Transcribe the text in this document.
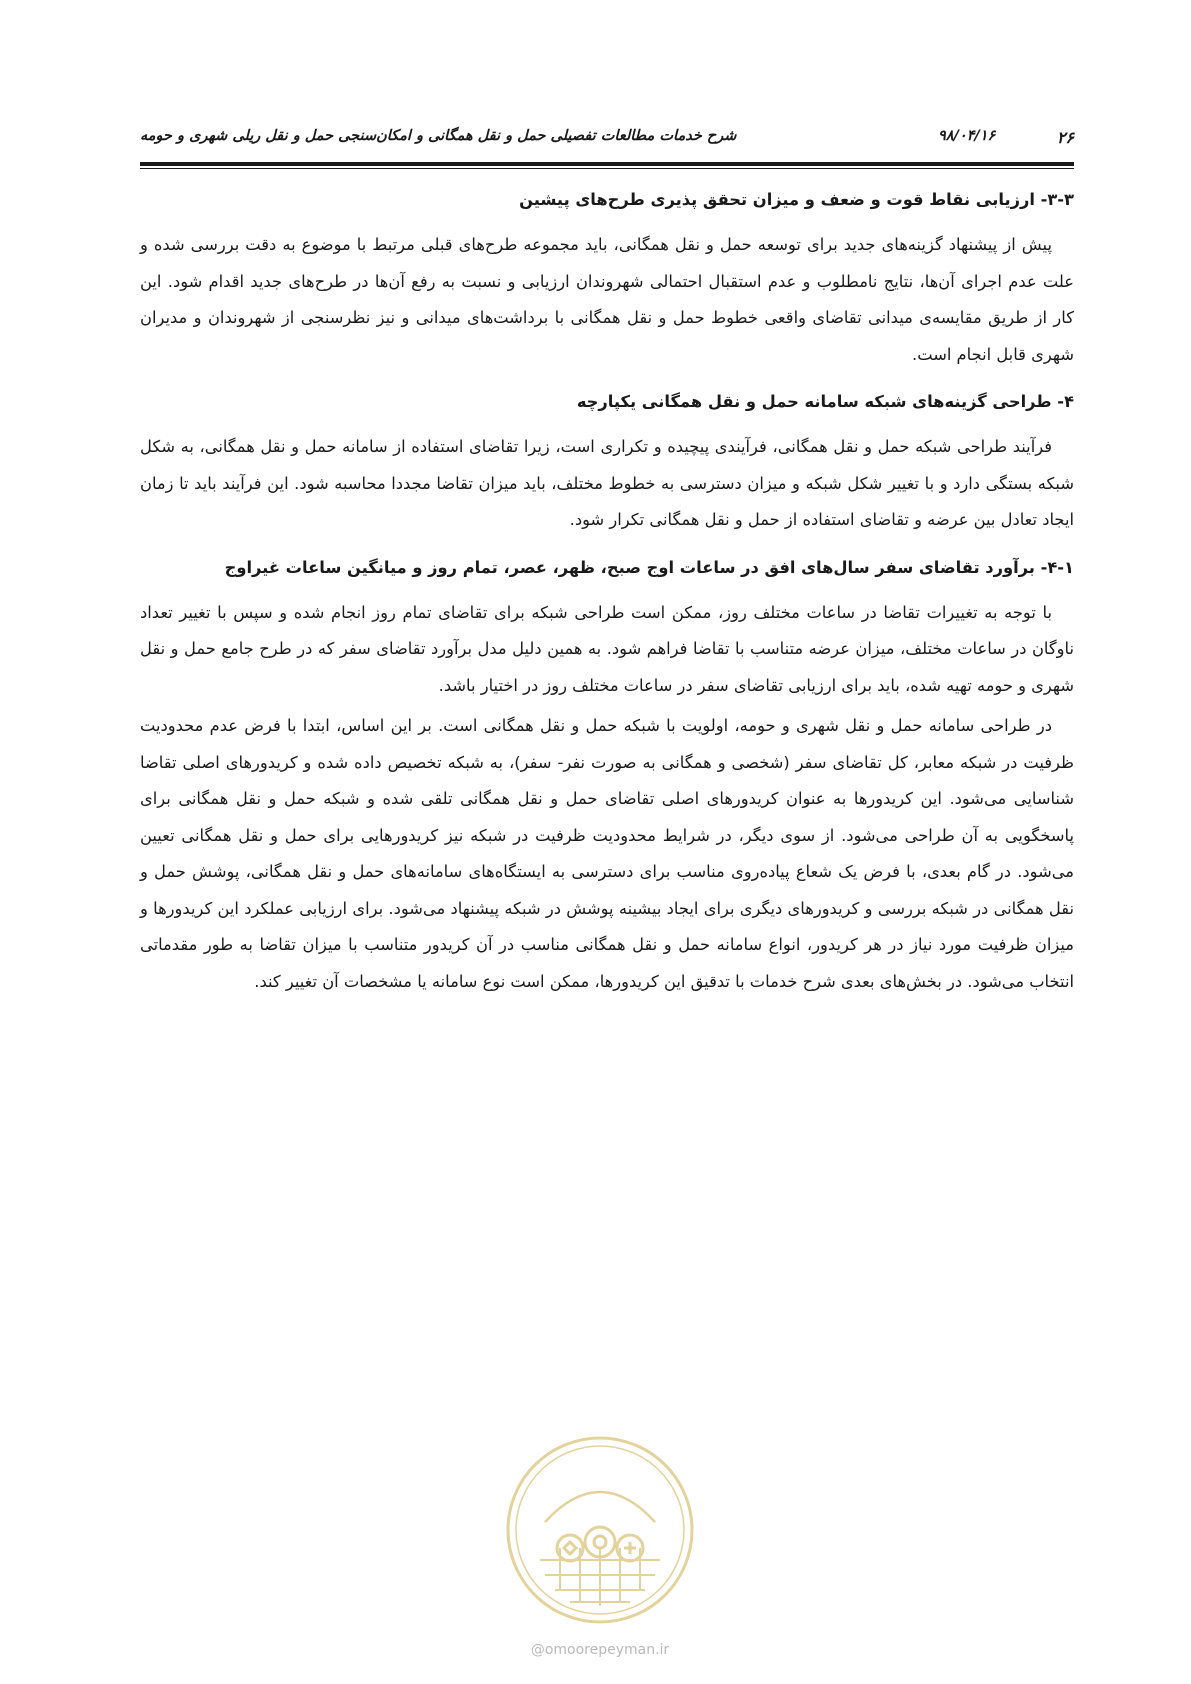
۲۶
۹۸/۰۴/۱۶
شرح خدمات مطالعات تفصیلی حمل و نقل همگانی و امکان‌سنجی حمل و نقل ریلی شهری و حومه
۳-۳- ارزیابی نقاط قوت و ضعف و میزان تحقق پذیری طرح‌های پیشین

پیش از پیشنهاد گزینه‌های جدید برای توسعه حمل و نقل همگانی، باید مجموعه طرح‌های قبلی مرتبط با موضوع به دقت بررسی شده و علت عدم اجرای آن‌ها، نتایج نامطلوب و عدم استقبال احتمالی شهروندان ارزیابی و نسبت به رفع آن‌ها در طرح‌های جدید اقدام شود. این کار از طریق مقایسه‌ی میدانی تقاضای واقعی خطوط حمل و نقل همگانی با برداشت‌های میدانی و نیز نظرسنجی از شهروندان و مدیران شهری قابل انجام است.

۴- طراحی گزینه‌های شبکه سامانه حمل و نقل همگانی یکپارچه

فرآیند طراحی شبکه حمل و نقل همگانی، فرآیندی پیچیده و تکراری است، زیرا تقاضای استفاده از سامانه حمل و نقل همگانی، به شکل شبکه بستگی دارد و با تغییر شکل شبکه و میزان دسترسی به خطوط مختلف، باید میزان تقاضا مجددا محاسبه شود. این فرآیند باید تا زمان ایجاد تعادل بین عرضه و تقاضای استفاده از حمل و نقل همگانی تکرار شود.

۴-۱- برآورد تقاضای سفر سال‌های افق در ساعات اوج صبح، ظهر، عصر، تمام روز و میانگین ساعات غیراوج

با توجه به تغییرات تقاضا در ساعات مختلف روز، ممکن است طراحی شبکه برای تقاضای تمام روز انجام شده و سپس با تغییر تعداد ناوگان در ساعات مختلف، میزان عرضه متناسب با تقاضا فراهم شود. به همین دلیل مدل برآورد تقاضای سفر که در طرح جامع حمل و نقل شهری و حومه تهیه شده، باید برای ارزیابی تقاضای سفر در ساعات مختلف روز در اختیار باشد.

در طراحی سامانه حمل و نقل شهری و حومه، اولویت با شبکه حمل و نقل همگانی است. بر این اساس، ابتدا با فرض عدم محدودیت ظرفیت در شبکه معابر، کل تقاضای سفر (شخصی و همگانی به صورت نفر- سفر)، به شبکه تخصیص داده شده و کریدورهای اصلی تقاضا شناسایی می‌شود. این کریدورها به عنوان کریدورهای اصلی تقاضای حمل و نقل همگانی تلقی شده و شبکه حمل و نقل همگانی برای پاسخگویی به آن طراحی می‌شود. از سوی دیگر، در شرایط محدودیت ظرفیت در شبکه نیز کریدورهایی برای حمل و نقل همگانی تعیین می‌شود. در گام بعدی، با فرض یک شعاع پیاده‌روی مناسب برای دسترسی به ایستگاه‌های سامانه‌های حمل و نقل همگانی، پوشش حمل و نقل همگانی در شبکه بررسی و کریدورهای دیگری برای ایجاد بیشینه پوشش در شبکه پیشنهاد می‌شود. برای ارزیابی عملکرد این کریدورها و میزان ظرفیت مورد نیاز در هر کریدور، انواع سامانه حمل و نقل همگانی مناسب در آن کریدور متناسب با میزان تقاضا به طور مقدماتی انتخاب می‌شود. در بخش‌های بعدی شرح خدمات با تدقیق این کریدورها، ممکن است نوع سامانه یا مشخصات آن تغییر کند.

@omoorepeyman.ir
